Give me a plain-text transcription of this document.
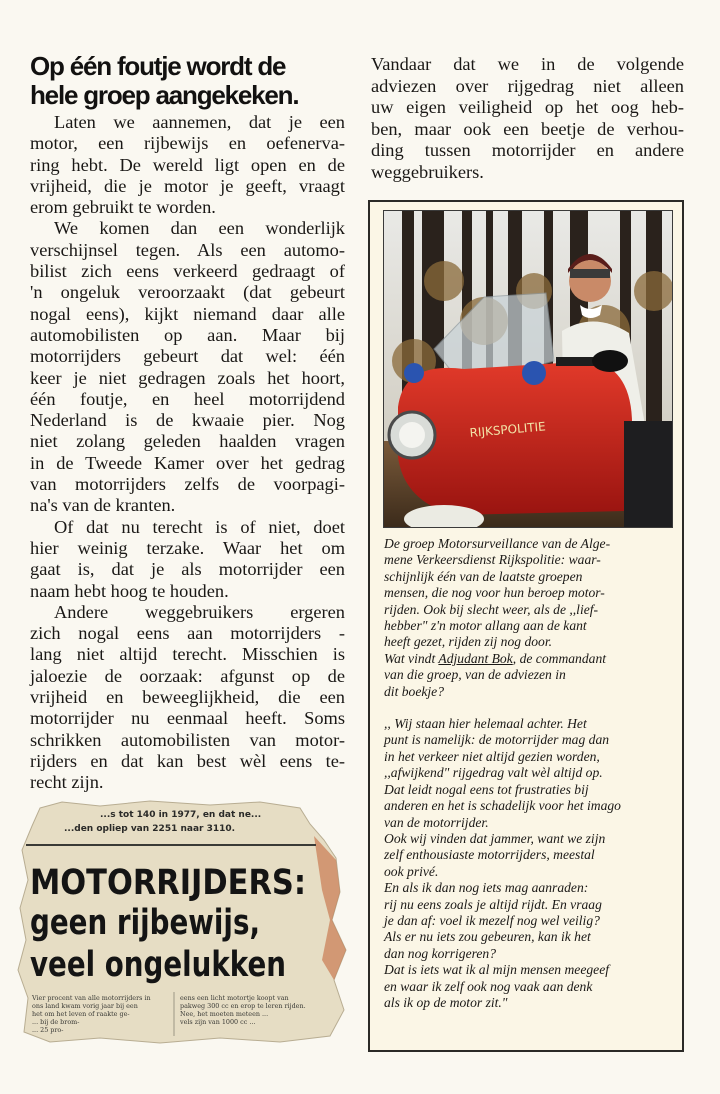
Op één foutje wordt de
hele groep aangekeken.

Laten we aannemen, dat je een
motor, een rijbewijs en oefenerva-
ring hebt. De wereld ligt open en de
vrijheid, die je motor je geeft, vraagt
erom gebruikt te worden.

We komen dan een wonderlijk
verschijnsel tegen. Als een automo-
bilist zich eens verkeerd gedraagt of
'n ongeluk veroorzaakt (dat gebeurt
nogal eens), kijkt niemand daar alle
automobilisten op aan. Maar bij
motorrijders gebeurt dat wel: één
keer je niet gedragen zoals het hoort,
één foutje, en heel motorrijdend
Nederland is de kwaaie pier. Nog
niet zolang geleden haalden vragen
in de Tweede Kamer over het gedrag
van motorrijders zelfs de voorpagi-
na's van de kranten.

Of dat nu terecht is of niet, doet
hier weinig terzake. Waar het om
gaat is, dat je als motorrijder een
naam hebt hoog te houden.

Andere weggebruikers ergeren
zich nogal eens aan motorrijders -
lang niet altijd terecht. Misschien is
jaloezie de oorzaak: afgunst op de
vrijheid en beweeglijkheid, die een
motorrijder nu eenmaal heeft. Soms
schrikken automobilisten van motor-
rijders en dat kan best wèl eens te-
recht zijn.

Vandaar dat we in de volgende
adviezen over rijgedrag niet alleen
uw eigen veiligheid op het oog heb-
ben, maar ook een beetje de verhou-
ding tussen motorrijder en andere
weggebruikers.
RIJKSPOLITIE
De groep Motorsurveillance van de Alge-
mene Verkeersdienst Rijkspolitie: waar-
schijnlijk één van de laatste groepen
mensen, die nog voor hun beroep motor-
rijden. Ook bij slecht weer, als de ,,lief-
hebber" z'n motor allang aan de kant
heeft gezet, rijden zij nog door.
Wat vindt Adjudant Bok, de commandant
van die groep, van de adviezen in
dit boekje?
,, Wij staan hier helemaal achter. Het
punt is namelijk: de motorrijder mag dan
in het verkeer niet altijd gezien worden,
,,afwijkend" rijgedrag valt wèl altijd op.
Dat leidt nogal eens tot frustraties bij
anderen en het is schadelijk voor het imago
van de motorrijder.
Ook wij vinden dat jammer, want we zijn
zelf enthousiaste motorrijders, meestal
ook privé.
En als ik dan nog iets mag aanraden:
rij nu eens zoals je altijd rijdt. En vraag
je dan af: voel ik mezelf nog wel veilig?
Als er nu iets zou gebeuren, kan ik het
dan nog korrigeren?
Dat is iets wat ik al mijn mensen meegeef
en waar ik zelf ook nog vaak aan denk
als ik op de motor zit."
...s tot 140 in 1977, en dat ne...
...den opliep van 2251 naar 3110.
MOTORRIJDERS:
geen rijbewijs,
veel ongelukken
Vier procent van alle motorrijders in
ons land kwam vorig jaar bij een
het om het leven of raakte ge-
... bij de brom-
... 25 pro-
eens een licht motortje koopt van
pakweg 300 cc en erop te leren rijden.
Nee, het moeten meteen ...
vels zijn van 1000 cc ...
